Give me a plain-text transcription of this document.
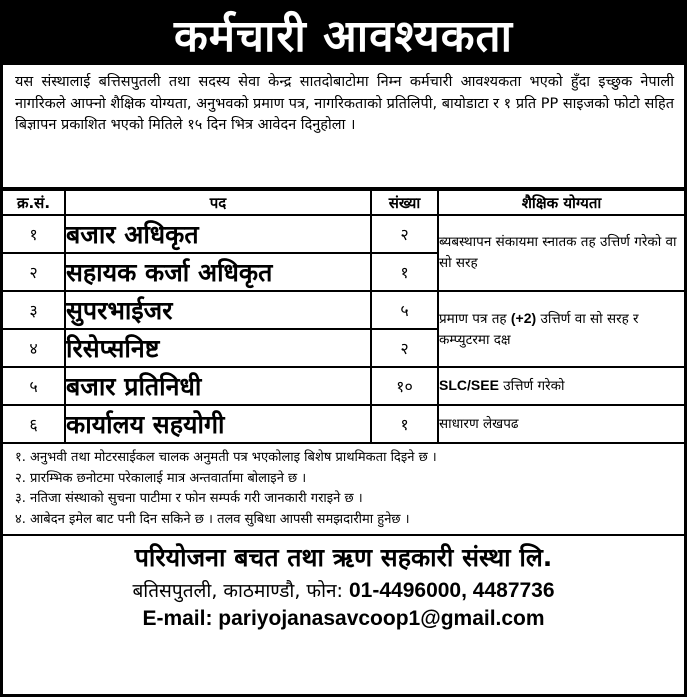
कर्मचारी आवश्यकता
यस संस्थालाई बत्तिसपुतली तथा सदस्य सेवा केन्द्र सातदोबाटोमा निम्न कर्मचारी आवश्यकता भएको हुँदा इच्छुक नेपाली नागरिकले आफ्नो शैक्षिक योग्यता, अनुभवको प्रमाण पत्र, नागरिकताको प्रतिलिपी, बायोडाटा र १ प्रति PP साइजको फोटो सहित बिज्ञापन प्रकाशित भएको मितिले १५ दिन भित्र आवेदन दिनुहोला ।
क्र.सं.	पद	संख्या	शैक्षिक योग्यता
१	बजार अधिकृत	२	ब्यबस्थापन संकायमा स्नातक तह उत्तिर्ण गरेको वा सो सरह
२	सहायक कर्जा अधिकृत	१	
३	सुपरभाईजर	५	प्रमाण पत्र तह (+2) उत्तिर्ण वा सो सरह र कम्प्युटरमा दक्ष
४	रिसेप्सनिष्ट	२	
५	बजार प्रतिनिधी	१०	SLC/SEE उत्तिर्ण गरेको
६	कार्यालय सहयोगी	१	साधारण लेखपढ
१. अनुभवी तथा मोटरसाईकल चालक अनुमती पत्र भएकोलाइ बिशेष प्राथमिकता दिइने छ ।
२. प्रारम्भिक छनोटमा परेकालाई मात्र अन्तवार्तामा बोलाइने छ ।
३. नतिजा संस्थाको सुचना पाटीमा र फोन सम्पर्क गरी जानकारी गराइने छ ।
४. आबेदन इमेल बाट पनी दिन सकिने छ । तलव सुबिधा आपसी समझदारीमा हुनेछ ।
परियोजना बचत तथा ऋण सहकारी संस्था लि.
बतिसपुतली, काठमाण्डौ, फोन: 01-4496000, 4487736
E-mail: pariyojanasavcoop1@gmail.com
